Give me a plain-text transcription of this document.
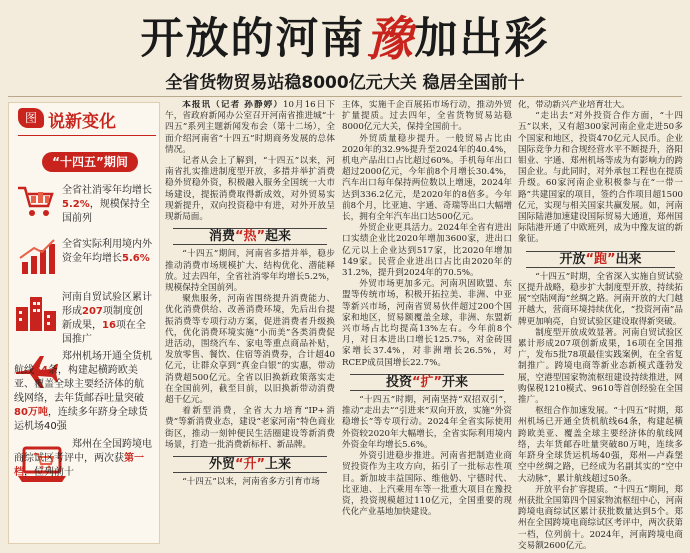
开放的河南豫加出彩
全省货物贸易站稳8000亿元大关 稳居全国前十
图 说新变化
“十四五”期间
全省社消零年均增长5.2%，规模保持全国前列
全省实际利用境内外资金年均增长5.6%
河南自贸试验区累计形成207项制度创新成果，16项在全国推广
郑州机场开通全货机航线64条，构建起横跨欧美亚、覆盖全球主要经济体的航线网络，去年货邮吞吐量突破80万吨，连续多年跻身全球货运机场40强
郑州在全国跨境电商综试区考评中，两次获第一档，位列前十

本报讯（记者 孙静婷）10月16日下午，省政府新闻办公室召开河南省推进城“十四五”系列主题新闻发布会（第十二场），全面介绍河南省“十四五”时期商务发展的总体情况。

记者从会上了解到，“十四五”以来，河南省扎实推进制度型开放，多措并举扩消费稳外贸稳外资，积极融入服务全国统一大市场建设，提振消费取得新成效，对外贸易实现新提升，双向投资稳中有进，对外开放呈现新局面。

消费“热”起来

“十四五”期间，河南省多措并举，稳步推动消费市场规模扩大、结构优化、潜能释放。过去四年，全省社消零年均增长5.2%，规模保持全国前列。

聚焦服务，河南省围绕提升消费能力、优化消费供给、改善消费环境，先后出台提振消费等专项行动方案，促进消费者升级换代，优化消费环境实施“小而美”各类消费促进活动，围绕汽车、家电等重点商品补贴，发放零售、餐饮、住宿等消费券，合计超40亿元，让群众享到“真金白银”的实惠，带动消费超500亿元。全省以旧换新政策落实走在全国前列，截至目前，以旧换新带动消费超千亿元。

着新型消费，全省大力培育“IP+消费”等新消费业态，建设“老家河南”特色商业街区，推动一刻钟便民生活圈建设等新消费场景，打造一批消费新标杆、新品牌。

外贸“升”上来

“十四五”以来，河南省多方引育市场

主体，实施千企百展拓市场行动，推动外贸扩量提质。过去四年，全省货物贸易站稳8000亿元大关，保持全国前十。

外贸质量稳步提升。一般贸易占比由2020年的32.9%提升至2024年的40.4%，机电产品出口占比超过60%。手机每年出口超过2000亿元，今年前8个月增长30.4%，汽车出口每年保持两位数以上增速，2024年达到336.2亿元，是2020年的8倍多。今年前8个月，比亚迪、宇通、奇瑞等出口大幅增长，拥有全年汽车出口达500亿元。

外贸企业更具活力。2024年全省有进出口实绩企业比2020年增加3600家，进出口亿元以上企业达到517家，比2020年增加149家。民营企业进出口占比由2020年的31.2%，提升到2024年的70.5%。

外贸市场更加多元。河南巩固欧盟、东盟等传统市场，积极开拓拉美、非洲、中亚等新兴市场，河南省贸易伙伴超过200个国家和地区，贸易额覆盖全球，非洲、东盟新兴市场占比均提高13%左右。今年前8个月，对日本进出口增长125.7%，对金砖国家增长37.4%，对非洲增长26.5%，对RCEP成员国增长22.7%。

投资“扩”开来

“十四五”时期，河南坚持“双招双引”，推动“走出去”“引进来”双向开放，实施“外资稳增长”等专项行动。2024年全省实际使用外资较2020年大幅增长，全省实际利用境内外资金年均增长5.6%。

外资引进稳步推进。河南省把制造业商贸投资作为主攻方向，拓引了一批标志性项目。新加坡丰益国际、维他奶、宁德时代、比亚迪、上汽乘用车等一批重大项目在豫投资，投资规模超过110亿元，全国重要的现代化产业基地加快建设。

化，带动新兴产业培育壮大。

“走出去”对外投资合作方面，“十四五”以来，又有超300家河南企业走进50多个国家和地区，投资470亿元人民币。企业国际竞争力和合规经营水平不断提升，洛阳钼业、宇通、郑州机场等成为有影响力的跨国企业。与此同时，对外承包工程也在提质升级。60家河南企业积极参与在“一带一路”共建国家的项目，签约合作项目超1500亿元，实现与相关国家共赢发展。如，河南国际陆港加速建设国际贸易大通道，郑州国际陆港开通了中欧班列，成为中豫友谊的新象征。

开放“跑”出来

“十四五”时期，全省深入实施自贸试验区提升战略，稳步扩大制度型开放，持续拓展“空陆网海”丝绸之路。河南开放的大门越开越大，营商环境持续优化，“投资河南”品牌更加响亮，自贸试验区建设取得新突破。

制度型开放成效显著。河南自贸试验区累计形成207项创新成果，16项在全国推广，发布5批78项最佳实践案例，在全省复制推广。跨境电商等新业态新模式蓬勃发展，空港型国家物流枢纽建设持续推进，网购保税1210模式、9610等首创经验在全国推广。

枢纽合作加速发展。“十四五”时期，郑州机场已开通全货机航线64条，构建起横跨欧美亚、覆盖全球主要经济体的航线网络，去年货邮吞吐量突破80万吨，连续多年跻身全球货运机场40强，郑州—卢森堡空中丝绸之路，已经成为名副其实的“空中大动脉”，累计航线超过50条。

开放平台扩容提质。“十四五”期间，郑州获批全国第四个国家物流枢纽中心，河南跨境电商综试区累计获批数量达到5个。郑州在全国跨境电商综试区考评中，两次获第一档，位列前十。2024年，河南跨境电商交易额2600亿元。
